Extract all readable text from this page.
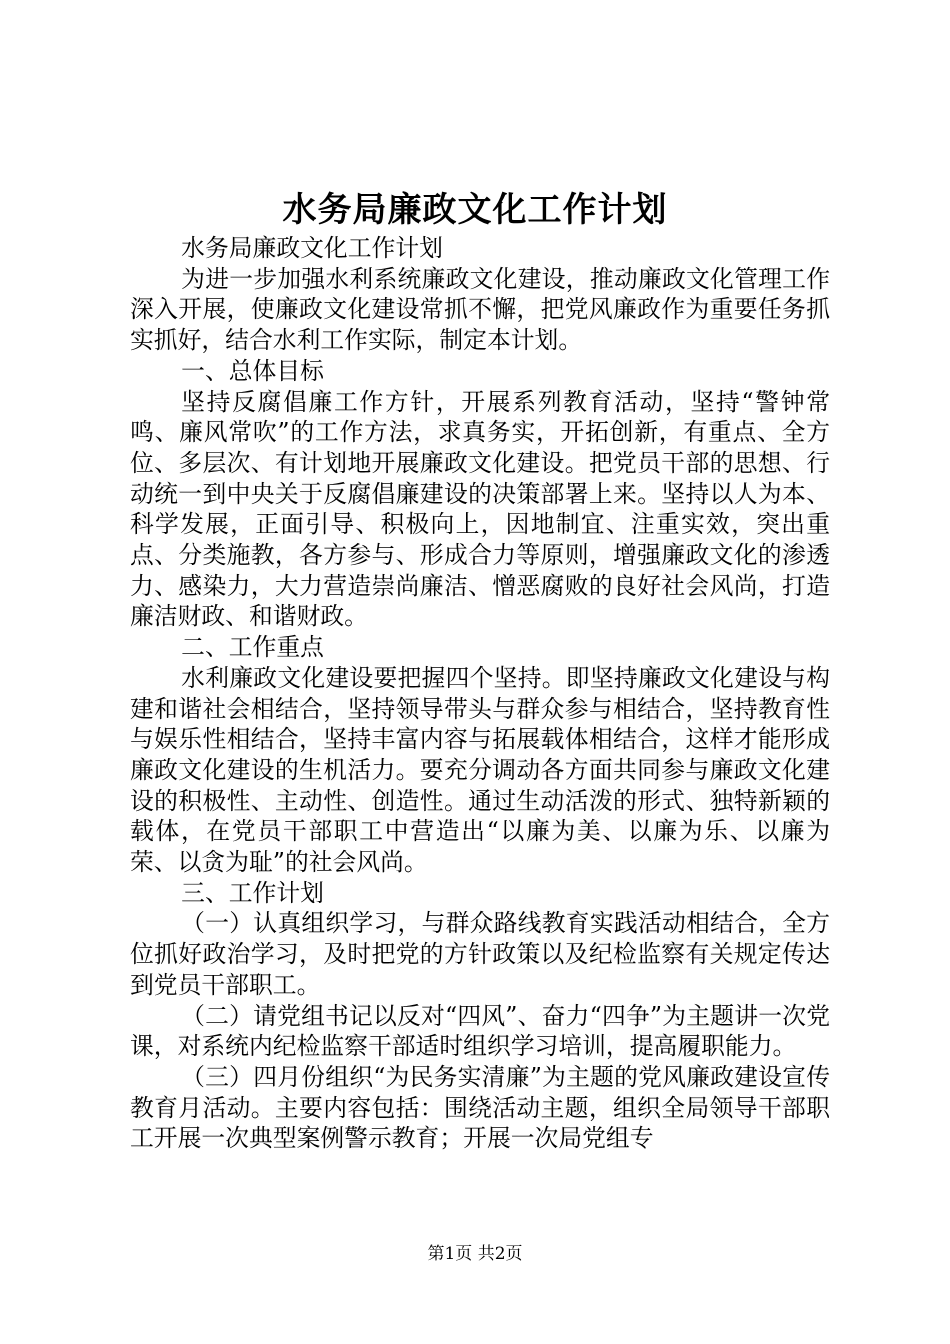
水务局廉政文化工作计划

水务局廉政文化工作计划

为进一步加强水利系统廉政文化建设，推动廉政文化管理工作深入开展，使廉政文化建设常抓不懈，把党风廉政作为重要任务抓实抓好，结合水利工作实际，制定本计划。

一、总体目标

坚持反腐倡廉工作方针，开展系列教育活动，坚持“警钟常鸣、廉风常吹”的工作方法，求真务实，开拓创新，有重点、全方位、多层次、有计划地开展廉政文化建设。把党员干部的思想、行动统一到中央关于反腐倡廉建设的决策部署上来。坚持以人为本、科学发展，正面引导、积极向上，因地制宜、注重实效，突出重点、分类施教，各方参与、形成合力等原则，增强廉政文化的渗透力、感染力，大力营造崇尚廉洁、憎恶腐败的良好社会风尚，打造廉洁财政、和谐财政。

二、工作重点

水利廉政文化建设要把握四个坚持。即坚持廉政文化建设与构建和谐社会相结合，坚持领导带头与群众参与相结合，坚持教育性与娱乐性相结合，坚持丰富内容与拓展载体相结合，这样才能形成廉政文化建设的生机活力。要充分调动各方面共同参与廉政文化建设的积极性、主动性、创造性。通过生动活泼的形式、独特新颖的载体，在党员干部职工中营造出“以廉为美、以廉为乐、以廉为荣、以贪为耻”的社会风尚。

三、工作计划

（一）认真组织学习，与群众路线教育实践活动相结合，全方位抓好政治学习，及时把党的方针政策以及纪检监察有关规定传达到党员干部职工。

（二）请党组书记以反对“四风”、奋力“四争”为主题讲一次党课，对系统内纪检监察干部适时组织学习培训，提高履职能力。

（三）四月份组织“为民务实清廉”为主题的党风廉政建设宣传教育月活动。主要内容包括：围绕活动主题，组织全局领导干部职工开展一次典型案例警示教育；开展一次局党组专

第1页 共2页
